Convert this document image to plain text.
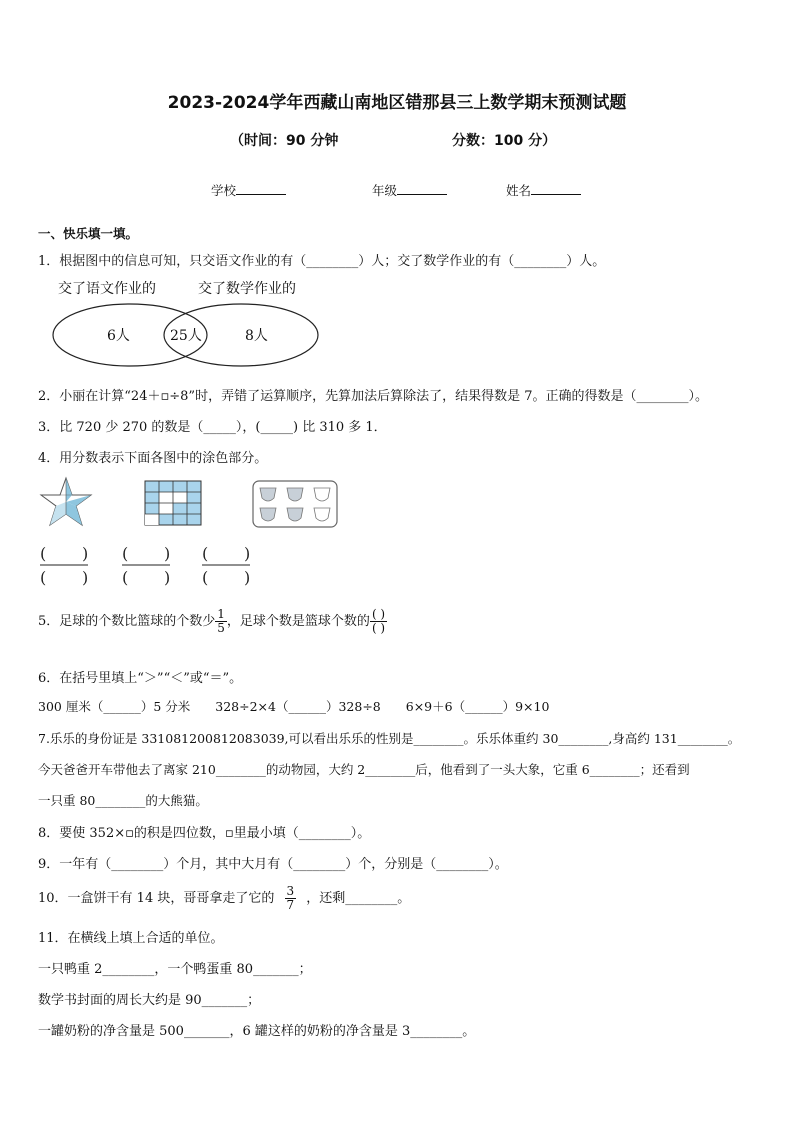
2023-2024学年西藏山南地区错那县三上数学期末预测试题
（时间：90 分钟	分数：100 分）
学校	年级	姓名
一、快乐填一填。
1．根据图中的信息可知，只交语文作业的有（________）人；交了数学作业的有（________）人。
交了语文作业的	交了数学作业的
6人	25人	8人
2．小丽在计算“24＋▫÷8”时，弄错了运算顺序，先算加法后算除法了，结果得数是 7。正确的得数是（________）。
3．比 720 少 270 的数是（_____），(_____) 比 310 多 1．
4．用分数表示下面各图中的涂色部分。
( )
( )
( )
( )
( )
( )
5．足球的个数比篮球的个数少 $\frac{1}{5}$ ，足球个数是篮球个数的 $\frac{( )}{( )}$
6．在括号里填上“＞”“＜”或“＝”。
300 厘米（______）5 分米　　328÷2×4（______）328÷8　　6×9＋6（______）9×10
7.乐乐的身份证是 331081200812083039,可以看出乐乐的性别是________。乐乐体重约 30________,身高约 131________。
今天爸爸开车带他去了离家 210________的动物园，大约 2________后，他看到了一头大象，它重 6________；还看到
一只重 80________的大熊猫。
8．要使 352×▫的积是四位数，▫里最小填（________）。
9．一年有（________）个月，其中大月有（________）个，分别是（________）。
10．一盒饼干有 14 块，哥哥拿走了它的 $\frac{3}{7}$ ，还剩________。
11．在横线上填上合适的单位。
一只鸭重 2________，一个鸭蛋重 80_______；
数学书封面的周长大约是 90_______；
一罐奶粉的净含量是 500_______，6 罐这样的奶粉的净含量是 3________。
